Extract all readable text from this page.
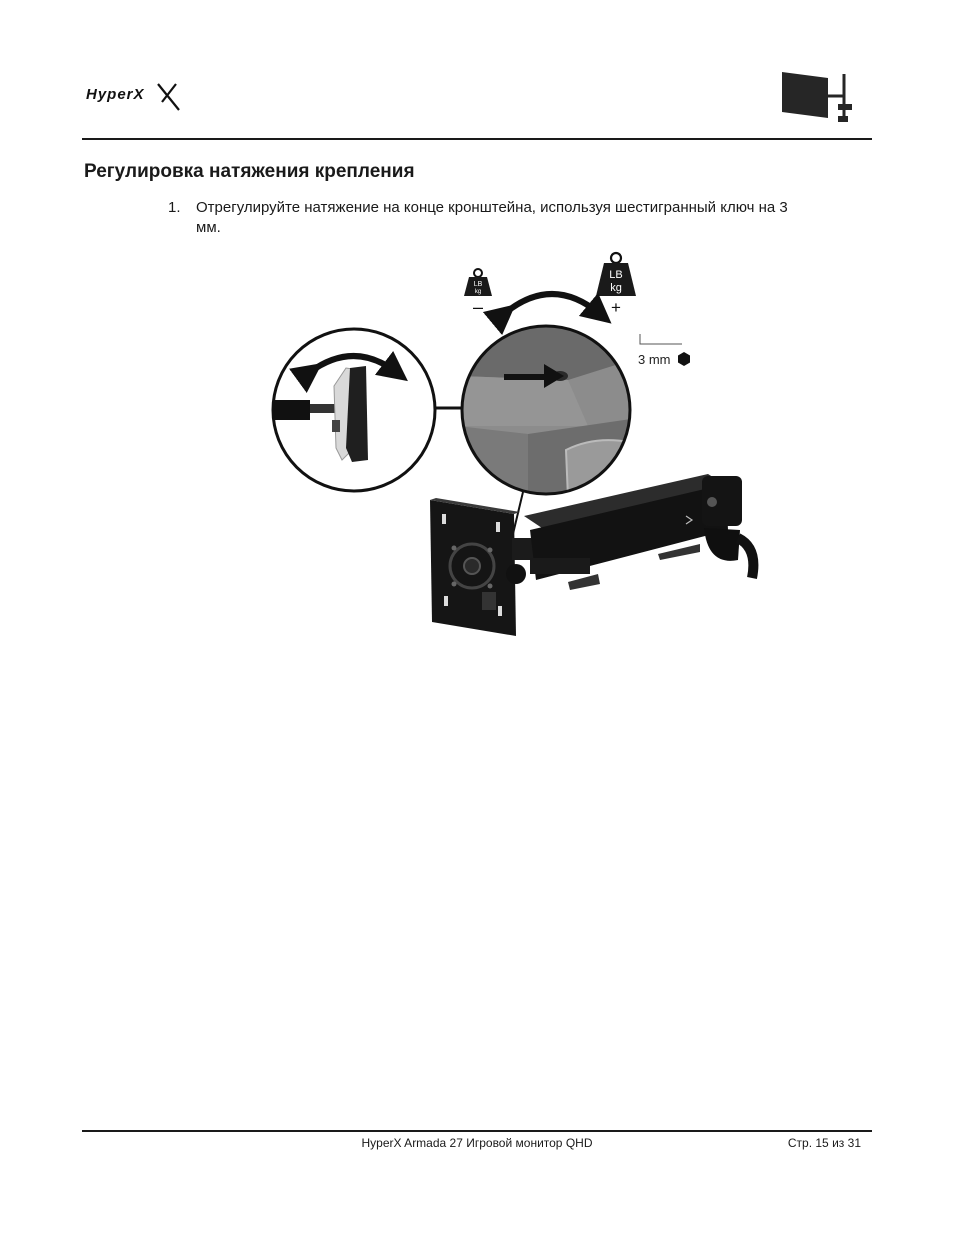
HyperX
Регулировка натяжения крепления
1. Отрегулируйте натяжение на конце кронштейна, используя шестигранный ключ на 3 мм.
LB
kg
–
LB
kg
+
3 mm
HyperX Armada 27 Игровой монитор QHD	Стр. 15 из 31
